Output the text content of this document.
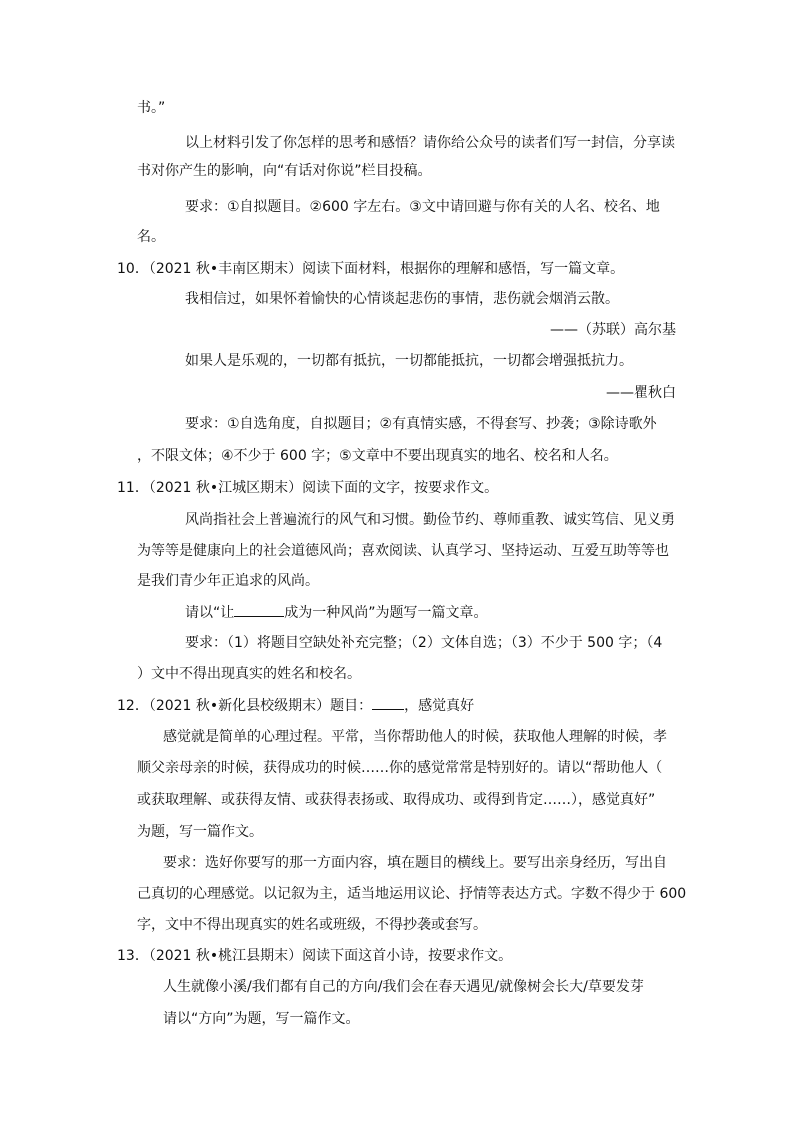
书。”
以上材料引发了你怎样的思考和感悟？请你给公众号的读者们写一封信，分享读
书对你产生的影响，向“有话对你说”栏目投稿。
要求：①自拟题目。②600 字左右。③文中请回避与你有关的人名、校名、地
名。
10．（2021 秋•丰南区期末）阅读下面材料，根据你的理解和感悟，写一篇文章。
我相信过，如果怀着愉快的心情谈起悲伤的事情，悲伤就会烟消云散。
——（苏联）高尔基
如果人是乐观的，一切都有抵抗，一切都能抵抗，一切都会增强抵抗力。
——瞿秋白
要求：①自选角度，自拟题目；②有真情实感，不得套写、抄袭；③除诗歌外
，不限文体；④不少于 600 字；⑤文章中不要出现真实的地名、校名和人名。
11．（2021 秋•江城区期末）阅读下面的文字，按要求作文。
风尚指社会上普遍流行的风气和习惯。勤俭节约、尊师重教、诚实笃信、见义勇
为等等是健康向上的社会道德风尚；喜欢阅读、认真学习、坚持运动、互爱互助等等也
是我们青少年正追求的风尚。
请以“让	成为一种风尚”为题写一篇文章。
要求：（1）将题目空缺处补充完整；（2）文体自选；（3）不少于 500 字；（4
）文中不得出现真实的姓名和校名。
12．（2021 秋•新化县校级期末）题目： ，感觉真好
感觉就是简单的心理过程。平常，当你帮助他人的时候，获取他人理解的时候，孝
顺父亲母亲的时候，获得成功的时候……你的感觉常常是特别好的。请以“帮助他人（
或获取理解、或获得友情、或获得表扬或、取得成功、或得到肯定……），感觉真好”
为题，写一篇作文。
要求：选好你要写的那一方面内容，填在题目的横线上。要写出亲身经历，写出自
己真切的心理感觉。以记叙为主，适当地运用议论、抒情等表达方式。字数不得少于 600
字，文中不得出现真实的姓名或班级，不得抄袭或套写。
13．（2021 秋•桃江县期末）阅读下面这首小诗，按要求作文。
人生就像小溪/我们都有自己的方向/我们会在春天遇见/就像树会长大/草要发芽
请以“方向”为题，写一篇作文。
